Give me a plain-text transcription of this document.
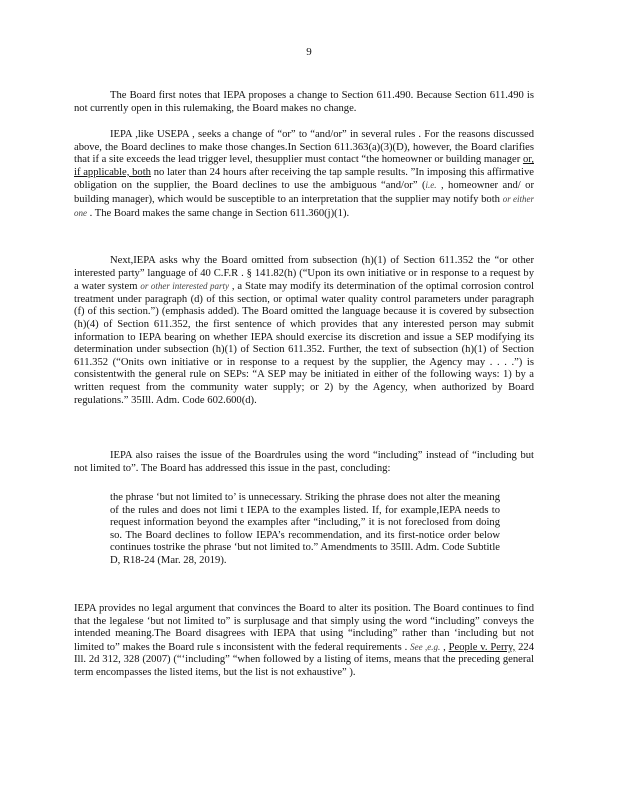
9

The Board first notes that IEPA proposes a change to Section 611.490. Because Section 611.490 is not currently open in this rulemaking, the Board makes no change.

IEPA ,like USEPA , seeks a change of “or” to “and/or” in several rules . For the reasons discussed above, the Board declines to make those changes.In Section 611.363(a)(3)(D), however, the Board clarifies that if a site exceeds the lead trigger level, thesupplier must contact “the homeowner or building manager or, if applicable, both no later than 24 hours after receiving the tap sample results. ”In imposing this affirmative obligation on the supplier, the Board declines to use the ambiguous “and/or” (i.e. , homeowner and/ or building manager), which would be susceptible to an interpretation that the supplier may notify both or either one . The Board makes the same change in Section 611.360(j)(1).

Next,IEPA asks why the Board omitted from subsection (h)(1) of Section 611.352 the “or other interested party” language of 40 C.F.R . § 141.82(h) (“Upon its own initiative or in response to a request by a water system or other interested party , a State may modify its determination of the optimal corrosion control treatment under paragraph (d) of this section, or optimal water quality control parameters under paragraph (f) of this section.”) (emphasis added). The Board omitted the language because it is covered by subsection (h)(4) of Section 611.352, the first sentence of which provides that any interested person may submit information to IEPA bearing on whether IEPA should exercise its discretion and issue a SEP modifying its determination under subsection (h)(1) of Section 611.352. Further, the text of subsection (h)(1) of Section 611.352 (“Onits own initiative or in response to a request by the supplier, the Agency may . . . .”) is consistentwith the general rule on SEPs: “A SEP may be initiated in either of the following ways: 1) by a written request from the community water supply; or 2) by the Agency, when authorized by Board regulations.” 35Ill. Adm. Code 602.600(d).

IEPA also raises the issue of the Boardrules using the word “including” instead of “including but not limited to”. The Board has addressed this issue in the past, concluding:

the phrase ‘but not limited to’ is unnecessary. Striking the phrase does not alter the meaning of the rules and does not limi t IEPA to the examples listed. If, for example,IEPA needs to request information beyond the examples after “including,” it is not foreclosed from doing so. The Board declines to follow IEPA’s recommendation, and its first-notice order below continues tostrike the phrase ‘but not limited to.” Amendments to 35Ill. Adm. Code Subtitle D, R18-24 (Mar. 28, 2019).

IEPA provides no legal argument that convinces the Board to alter its position. The Board continues to find that the legalese ‘but not limited to” is surplusage and that simply using the word “including” conveys the intended meaning.The Board disagrees with IEPA that using “including” rather than ‘including but not limited to” makes the Board rule s inconsistent with the federal requirements . See ,e.g. , People v. Perry, 224 Ill. 2d 312, 328 (2007) (“‘including” “when followed by a listing of items, means that the preceding general term encompasses the listed items, but the list is not exhaustive” ).
